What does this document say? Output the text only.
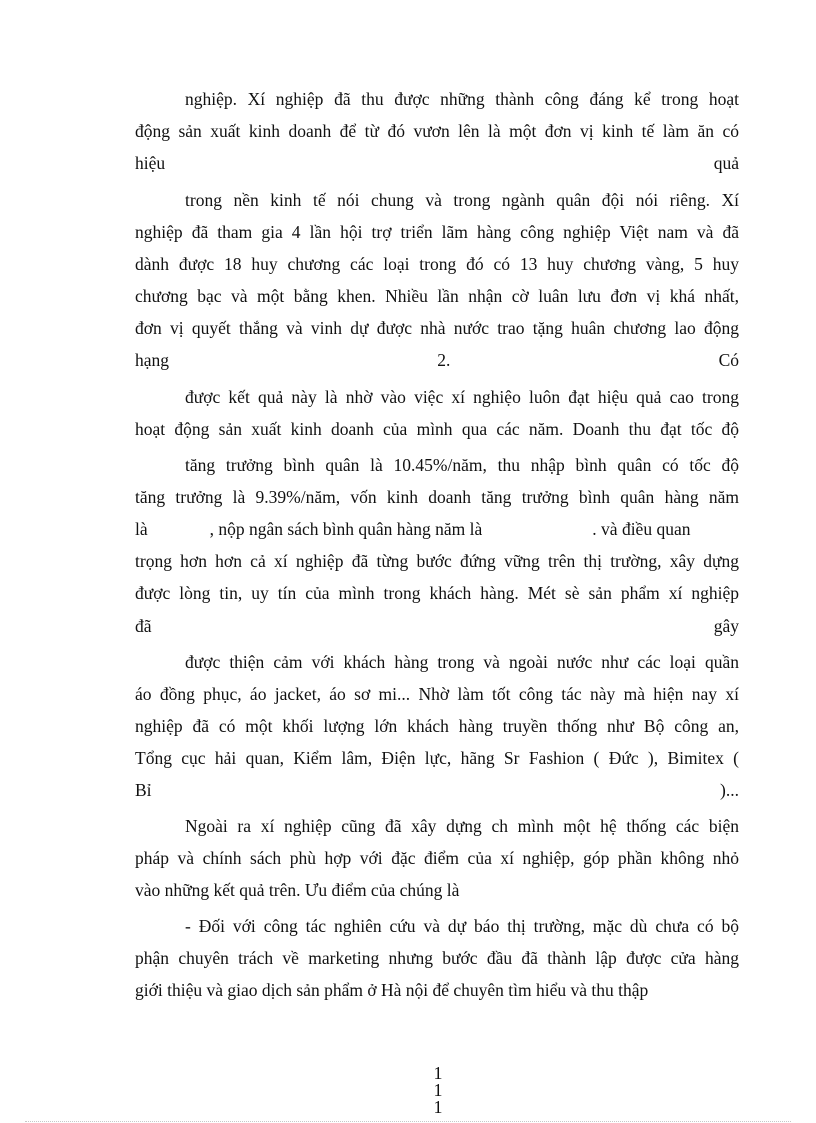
nghiệp. Xí nghiệp đã thu được những thành công đáng kể trong hoạt
động sản xuất kinh doanh để từ đó vươn lên là một đơn vị kinh tế làm ăn có
hiệu	quả
trong nền kinh tế nói chung và trong ngành quân đội nói riêng. Xí
nghiệp đã tham gia 4 lần hội trợ triển lãm hàng công nghiệp Việt nam và đã
dành được 18 huy chương các loại trong đó có 13 huy chương vàng, 5 huy
chương bạc và một bằng khen. Nhiều lần nhận cờ luân lưu đơn vị khá nhất,
đơn vị quyết thắng và vinh dự được nhà nước trao tặng huân chương lao động
hạng	2.	Có
được kết quả này là nhờ vào việc xí nghiệo luôn đạt hiệu quả cao trong
hoạt động sản xuất kinh doanh của mình qua các năm. Doanh thu đạt tốc độ
tăng trưởng bình quân là 10.45%/năm, thu nhập bình quân có tốc độ
tăng trưởng là 9.39%/năm, vốn kinh doanh tăng trưởng bình quân hàng năm
là	, nộp ngân sách bình quân hàng năm là	. và điều quan
trọng hơn hơn cả xí nghiệp đã từng bước đứng vững trên thị trường, xây dựng
được lòng tin, uy tín của mình trong khách hàng. Mét sè sản phẩm xí nghiệp
đã	gây
được thiện cảm với khách hàng trong và ngoài nước như các loại quần
áo đồng phục, áo jacket, áo sơ mi... Nhờ làm tốt công tác này mà hiện nay xí
nghiệp đã có một khối lượng lớn khách hàng truyền thống như Bộ công an,
Tổng cục hải quan, Kiểm lâm, Điện lực, hãng Sr Fashion ( Đức ), Bimitex (
Bỉ	)...
Ngoài ra xí nghiệp cũng đã xây dựng ch mình một hệ thống các biện
pháp và chính sách phù hợp với đặc điểm của xí nghiệp, góp phần không nhỏ
vào những kết quả trên. Ưu điểm của chúng là
- Đối với công tác nghiên cứu và dự báo thị trường, mặc dù chưa có bộ
phận chuyên trách về marketing nhưng bước đầu đã thành lập được cửa hàng
giới thiệu và giao dịch sản phẩm ở Hà nội để chuyên tìm hiểu và thu thập
1
1
1
